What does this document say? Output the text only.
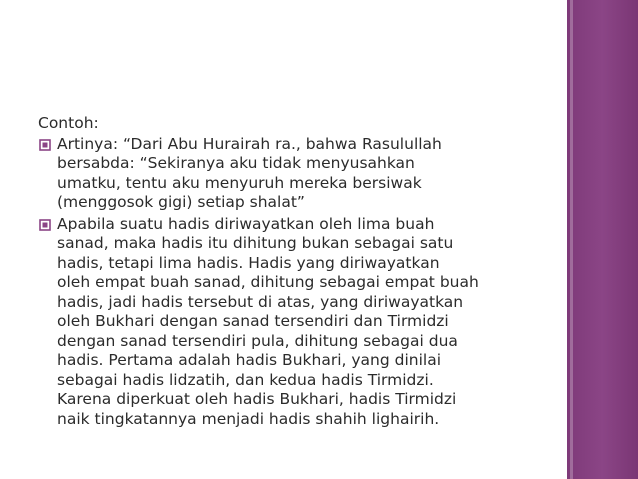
Contoh:
Artinya: “Dari Abu Hurairah ra., bahwa Rasulullah
bersabda: “Sekiranya aku tidak menyusahkan
umatku, tentu aku menyuruh mereka bersiwak
(menggosok gigi) setiap shalat”
Apabila suatu hadis diriwayatkan oleh lima buah
sanad, maka hadis itu dihitung bukan sebagai satu
hadis, tetapi lima hadis. Hadis yang diriwayatkan
oleh empat buah sanad, dihitung sebagai empat buah
hadis, jadi hadis tersebut di atas, yang diriwayatkan
oleh Bukhari dengan sanad tersendiri dan Tirmidzi
dengan sanad tersendiri pula, dihitung sebagai dua
hadis. Pertama adalah hadis Bukhari, yang dinilai
sebagai hadis lidzatih, dan kedua hadis Tirmidzi.
Karena diperkuat oleh hadis Bukhari, hadis Tirmidzi
naik tingkatannya menjadi hadis shahih lighairih.
